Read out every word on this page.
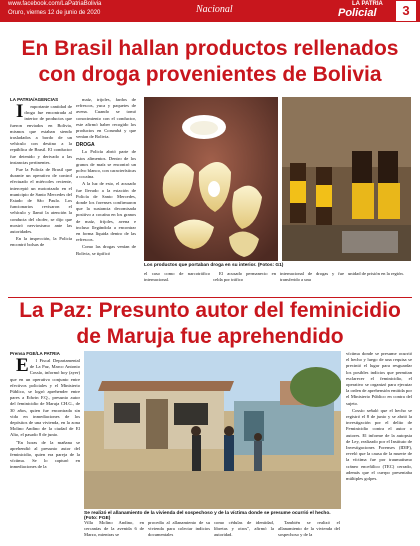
www.facebook.com/LaPatriaBolivia
Oruro, viernes 12 de junio de 2020	Nacional	LA PATRIA
Policial	3
En Brasil hallan productos rellenados con droga provenientes de Bolivia
LA PATRIA/AGENCIAS

Importante cantidad de droga fue encontrada al interior de productos que fueron enviados en Bolivia, mismos que estaban siendo trasladados a bordo de un vehículo con destino a la república de Brasil. El conductor fue detenido y derivado a las instancias pertinentes.

Fue la Policía de Brasil que durante un operativo de control efectuado el miércoles reciente, interceptó un motorizado en el municipio de Santo Mercedes del Estado de São Paulo. Los funcionarios revisaron el vehículo y llamó la atención la conducta del chofer, se dijo que mostró nerviosismo ante las autoridades.

En la inspección, la Policía encontró bolsas de

maíz, trijoles, fardos de refrescos, yuca y paquetes de avena. Cuando se tomó conocimiento con el conductor, este afirmó haber recogido los productos en Corumbá y que venían de Bolivia.

DROGA

La Policía abrió parte de estos alimentos. Dentro de los granos de maíz se encontró un polvo blanco, con características a cocaína.

A la luz de esto, el acusado fue llevado a la estación de Policía de Santo Mercedes, donde los forenses confirmaron que la sustancia decomisada positivo a cocaína en los granos de maíz, frijoles, avena e incluso llegándola a encontrar en forma líquida dentro de las refrescos.

Como las drogas venían de Bolivia, se tipificó

Los productos que portaban droga en su interior. (Fotos: G1)

el caso como de narcotráfico internacional.

El acusado permanecio en celda por tráfico

internacional de drogas y fue transferido a una

unidad de prisión en la región.

La Paz: Presunto autor del feminicidio de Maruja fue aprehendido
Prensa FGE/LA PATRIA

El Fiscal Departamental de La Paz, Marco Antonio Cossío, informó hoy (ayer) que en un operativo conjunto entre efectivos policiales y el Ministerio Público, se logró aprehender entre pares a Edwin F.Q., presunto autor del feminicidio de Maruja CH.G., de 30 años, quien fue encontrada sin vida en inmediaciones de los depósitos de una vivienda, en la zona Molino Andino de la ciudad de El Alto, el pasado 8 de junio.

"En horas de la mañana se aprehendió al presunto autor del feminicidio, quien era pareja de la víctima. Se lo capturó en inmediaciones de la

Se realizó el allanamiento de la vivienda del sospechoso y de la víctima donde se presume ocurrió el hecho. (Foto: FGE)

Villa Molino Andino, en cercanías de la avenida 6 de Marzo, mientras se

procedía al allanamiento de su vivienda para colectar indicios documentales

como cédulas de identidad, libretas y otros", afirmó la autoridad.

También se realizó el allanamiento de la vivienda del sospechoso y de la

víctima donde se presume ocurrió el hecho y luego de una requisa se precintó el lugar para resguardar los posibles indicios que permitan esclarecer el feminicidio, el operativo se organizó para ejecutar la orden de aprehensión emitida por el Ministerio Público en contra del sujeto.

Cossío señaló que el hecho se registró el 8 de junio y se abrió la investigación por el delito de Feminicidio contra el autor o autores. El informe de la autopsia de Ley, realizado por el Instituto de Investigaciones Forenses (IDIF), reveló que la causa de la muerte de la víctima fue por traumatismo cráneo encefálico (TEC) cerrado, además que el cuerpo presentaba múltiples golpes.
